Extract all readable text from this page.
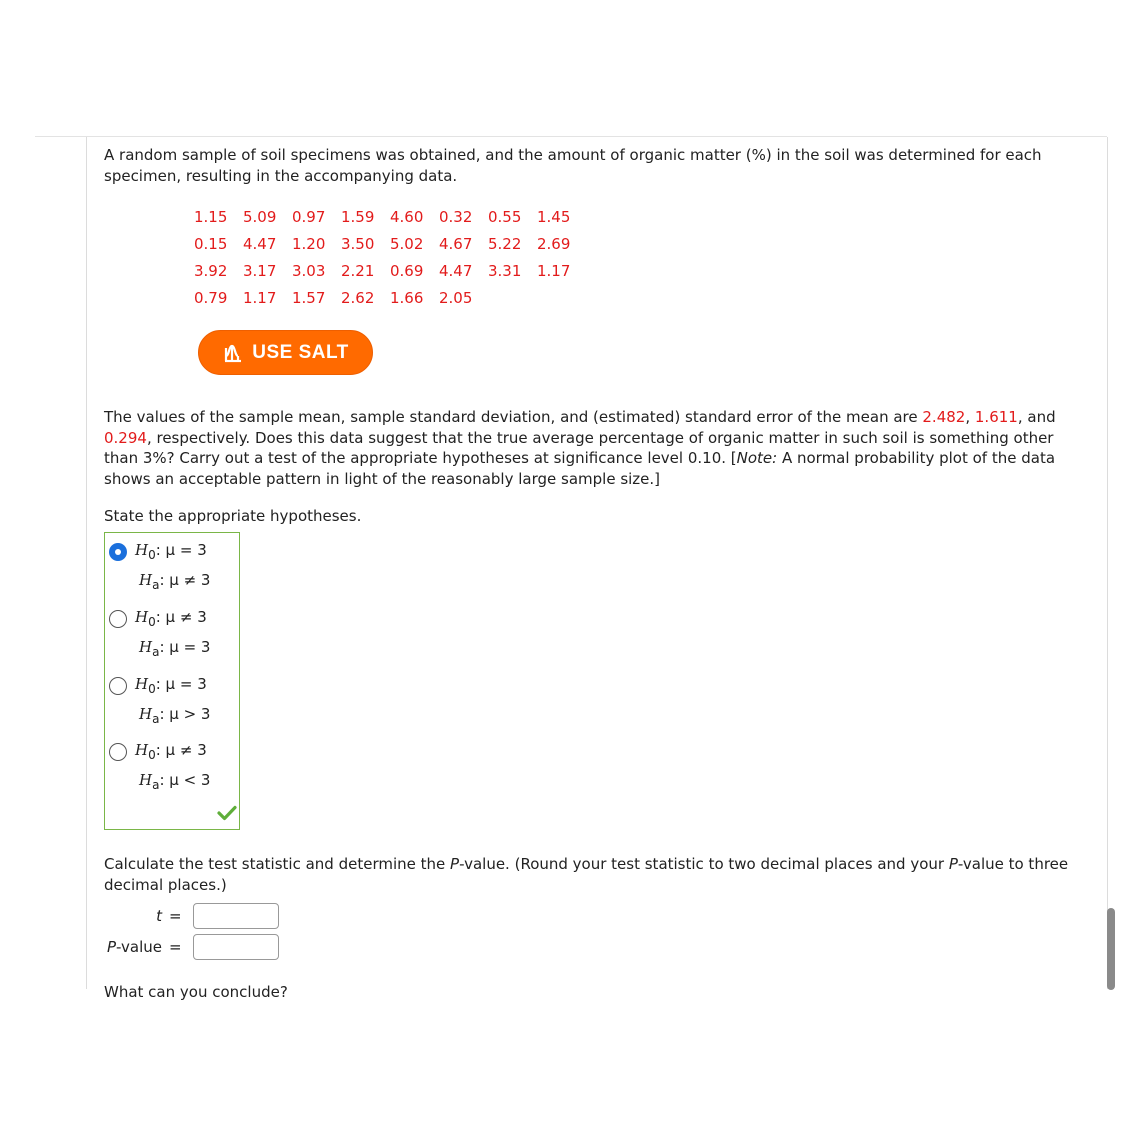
A random sample of soil specimens was obtained, and the amount of organic matter (%) in the soil was determined for each specimen, resulting in the accompanying data.

1.15	5.09	0.97	1.59	4.60	0.32	0.55	1.45
0.15	4.47	1.20	3.50	5.02	4.67	5.22	2.69
3.92	3.17	3.03	2.21	0.69	4.47	3.31	1.17
0.79	1.17	1.57	2.62	1.66	2.05
USE SALT

The values of the sample mean, sample standard deviation, and (estimated) standard error of the mean are 2.482, 1.611, and 0.294, respectively. Does this data suggest that the true average percentage of organic matter in such soil is something other than 3%? Carry out a test of the appropriate hypotheses at significance level 0.10. [Note: A normal probability plot of the data shows an acceptable pattern in light of the reasonably large sample size.]

State the appropriate hypotheses.

$H_0$: μ = 3
$H_a$: μ ≠ 3
$H_0$: μ ≠ 3
$H_a$: μ = 3
$H_0$: μ = 3
$H_a$: μ > 3
$H_0$: μ ≠ 3
$H_a$: μ < 3

Calculate the test statistic and determine the P-value. (Round your test statistic to two decimal places and your P-value to three decimal places.)

t =
P-value =
What can you conclude?
